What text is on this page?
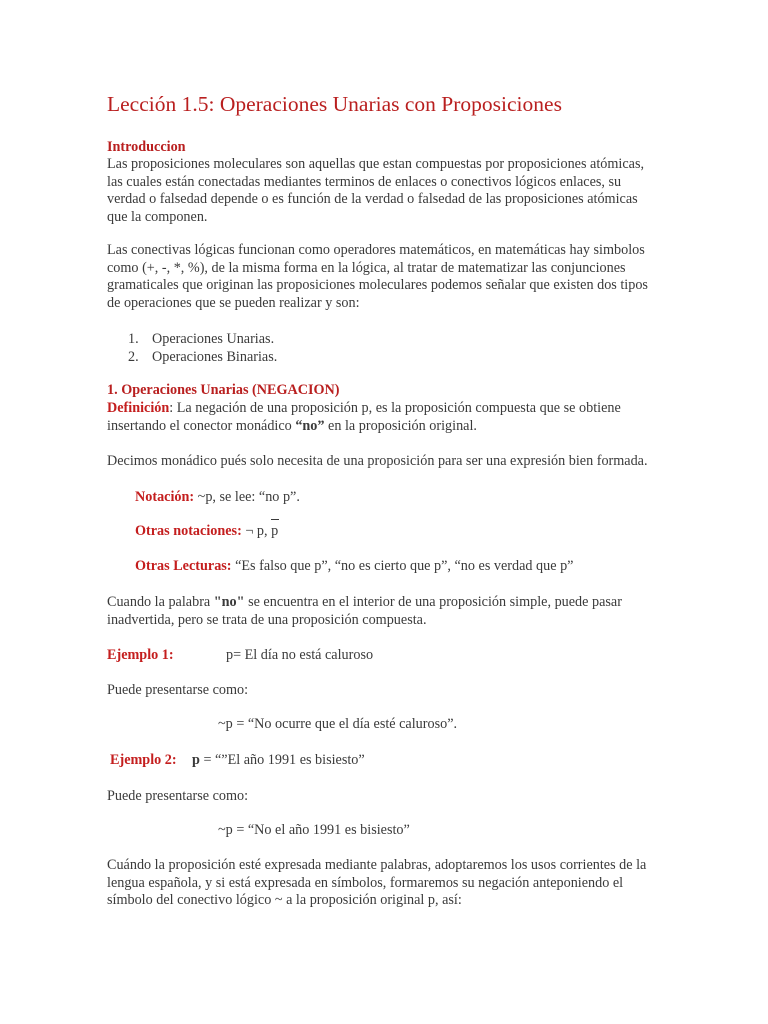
Lección 1.5: Operaciones Unarias con Proposiciones
Introduccion
Las proposiciones moleculares son aquellas que estan compuestas por proposiciones atómicas,
las cuales están conectadas mediantes terminos de enlaces o conectivos lógicos enlaces, su
verdad o falsedad depende o es función de la verdad o falsedad de las proposiciones atómicas
que la componen.
Las conectivas lógicas funcionan como operadores matemáticos, en matemáticas hay simbolos
como (+, -, *, %), de la misma forma en la lógica, al tratar de matematizar las conjunciones
gramaticales que originan las proposiciones moleculares podemos señalar que existen dos tipos
de operaciones que se pueden realizar y son:
1. Operaciones Unarias.
2. Operaciones Binarias.
1. Operaciones Unarias (NEGACION)
Definición: La negación de una proposición p, es la proposición compuesta que se obtiene
insertando el conector monádico “no” en la proposición original.
Decimos monádico pués solo necesita de una proposición para ser una expresión bien formada.
Notación: ~p, se lee: “no p”.
Otras notaciones: ¬ p, p
Otras Lecturas: “Es falso que p”, “no es cierto que p”, “no es verdad que p”
Cuando la palabra "no" se encuentra en el interior de una proposición simple, puede pasar
inadvertida, pero se trata de una proposición compuesta.
Ejemplo 1:	p= El día no está caluroso
Puede presentarse como:
~p = “No ocurre que el día esté caluroso”.
Ejemplo 2:	p = “”El año 1991 es bisiesto”
Puede presentarse como:
~p = “No el año 1991 es bisiesto”
Cuándo la proposición esté expresada mediante palabras, adoptaremos los usos corrientes de la
lengua española, y si está expresada en símbolos, formaremos su negación anteponiendo el
símbolo del conectivo lógico ~ a la proposición original p, así:
